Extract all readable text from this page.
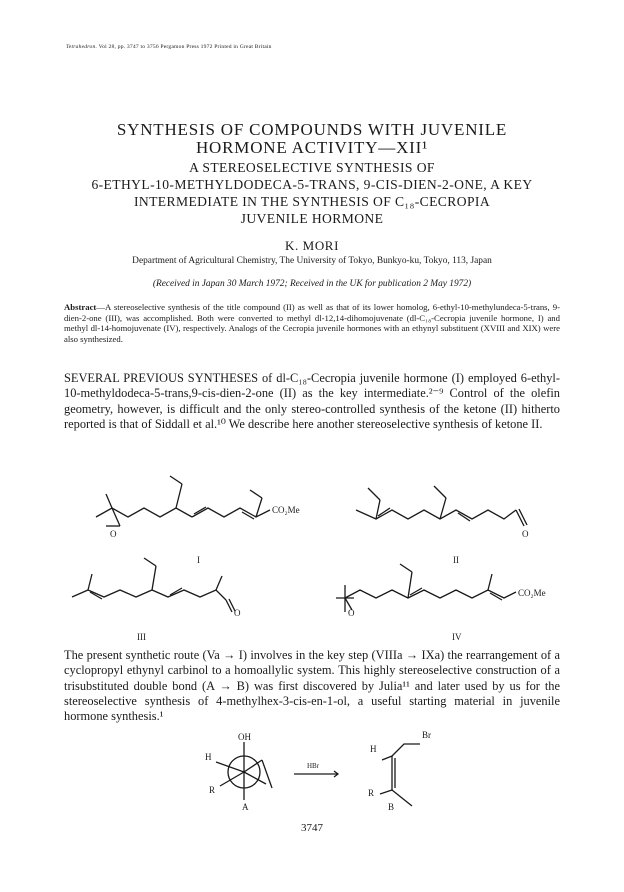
Tetrahedron. Vol 28, pp. 3747 to 3756 Pergamon Press 1972 Printed in Great Britain
SYNTHESIS OF COMPOUNDS WITH JUVENILE
HORMONE ACTIVITY—XII¹
A STEREOSELECTIVE SYNTHESIS OF
6-ETHYL-10-METHYLDODECA-5-TRANS, 9-CIS-DIEN-2-ONE, A KEY
INTERMEDIATE IN THE SYNTHESIS OF C₁₈-CECROPIA
JUVENILE HORMONE
K. MORI
Department of Agricultural Chemistry, The University of Tokyo, Bunkyo-ku, Tokyo, 113, Japan
(Received in Japan 30 March 1972; Received in the UK for publication 2 May 1972)
Abstract—A stereoselective synthesis of the title compound (II) as well as that of its lower homolog, 6-ethyl-10-methylundeca-5-trans, 9-dien-2-one (III), was accomplished. Both were converted to methyl dl-12,14-dihomojuvenate (dl-C₁₈-Cecropia juvenile hormone, I) and methyl dl-14-homojuvenate (IV), respectively. Analogs of the Cecropia juvenile hormones with an ethynyl substituent (XVIII and XIX) were also synthesized.
SEVERAL PREVIOUS SYNTHESES of dl-C₁₈-Cecropia juvenile hormone (I) employed 6-ethyl-10-methyldodeca-5-trans,9-cis-dien-2-one (II) as the key intermediate.²⁻⁹ Control of the olefin geometry, however, is difficult and the only stereo-controlled synthesis of the ketone (II) hitherto reported is that of Siddall et al.¹⁰ We describe here another stereoselective synthesis of ketone II.
O
CO₂Me
I
O
II
O
III
O
CO₂Me
IV
OH
H
R
A
HBr
H
Br
R
B
The present synthetic route (Va → I) involves in the key step (VIIIa → IXa) the rearrangement of a cyclopropyl ethynyl carbinol to a homoallylic system. This highly stereoselective construction of a trisubstituted double bond (A → B) was first discovered by Julia¹¹ and later used by us for the stereoselective synthesis of 4-methylhex-3-cis-en-1-ol, a useful starting material in juvenile hormone synthesis.¹
3747
